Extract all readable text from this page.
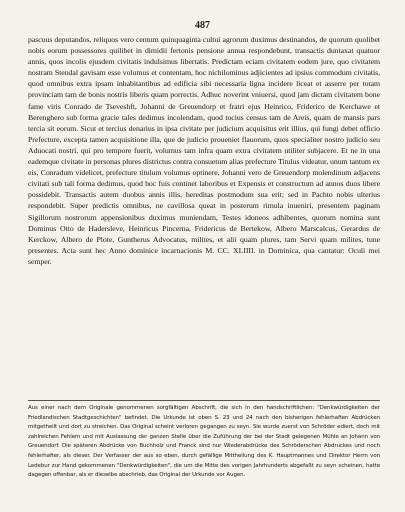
487
pascuus deputandos, reliquos vero centum quinquaginta cultui agrorum duximus destinandos, de quorum quolibet nobis eorum possessores quilibet in dimidii fertonis pensione annua respondebunt, transactis duntaxat quatuor annis, quos incolis ejusdem civitatis indulsimus libertatis. Predictam eciam civitatem eodem jure, quo civitatem nostram Stendal gavisam esse volumus et contentam, hoc nichilominus adjicientes ad ipsius commodum civitatis, quod omnibus extra ipsam inhabitantibus ad edificia sibi necessaria ligna incidere liceat et asserre per totam provinciam tam de bonis nostris liberis quam porrectis. Adhuc noverint vniuersi, quod jam dictam civitatem bone fame viris Conrado de Tseveshft, Johanni de Greuendorp et fratri ejus Heinrico, Friderico de Kerchawe et Berenghero sub forma gracie tales dedimus incolendam, quod tocius census tam de Areis, quam de mansis pars tercia sit eorum. Sicut et tercius denarius in ipsa civitate per judicium acquisitus erit illius, qui fungi debet officio Prefecture, excepta tamen acquisitione illa, que de judicio proueniet flauorum, quos specialiter nostro judicio seu Aduocati nostri, qui pro tempore fuerit, volumus tam infra quam extra civitatem utiliter subjacere. Et ne in una eademque civitate in personas plures districtus contra consuetum alias prefecture Titulus videatur, unum tantum ex eis, Conradum videlicet, prefecture titulum volumus optinere, Johanni vero de Greuendorp molendinum adjacens civitati sub tali forma dedimus, quod hoc fuis continet laboribus et Expensis et constructum ad annos duos libere possidebit. Transactis autem duobus annis illis, hereditas postmodum sua erit; sed in Pachto nobis ulterius respondebit. Super predictis omnibus, ne cavillosa queat in posterum rimula inueniri, presentem paginam Sigillorum nostrorum appensionibus duximus muniendam, Testes idoneos adhibentes, quorum nomina sunt Dominus Otto de Hadersleve, Heinricus Pincerna, Fridericus de Bertekow, Albero Marscalcus, Gerardus de Kerckow, Albero de Plote, Guntherus Advocatus, milites, et alii quam plures, tam Servi quam milites, tune presentes. Acta sunt hec Anno dominice incarnacionis M. CC. XLIIII. in Dominica, qua cantatur: Oculi mei semper.
Aus einer nach dem Originale genommenen sorgfältigen Abschrift, die sich in den handschriftlichen: "Denkwürdigkeiten der Friedlandischen Stadtgeschichten" befindet. Die Urkunde ist oben S. 23 und 24 nach den bisherigen fehlerhaften Abdrücken mitgetheilt und dort zu streichen. Das Original scheint verloren gegangen zu seyn. Sie wurde zuerst von Schröder ediert, doch mit zahlreichen Fehlern und mit Auslassung der ganzen Stelle über die Zuführung der bei der Stadt gelegenen Mühle an Johann von Greuendorf. Die späteren Abdrücke von Buchholz und Franck sind nur Wiederabdrücke des Schröderschen Abdruckes und noch fehlerhafter, als dieser. Der Verfasser der aus so eben, durch gefällige Mittheilung des K. Hauptmannes und Direktor Herrn von Ledebur zur Hand gekommenen "Denkwürdigkeiten", die um die Mitte des vorigen Jahrhunderts abgefaßt zu seyn scheinen, hatte dagegen offenbar, als er dieselbe abschrieb, das Original der Urkunde vor Augen.
